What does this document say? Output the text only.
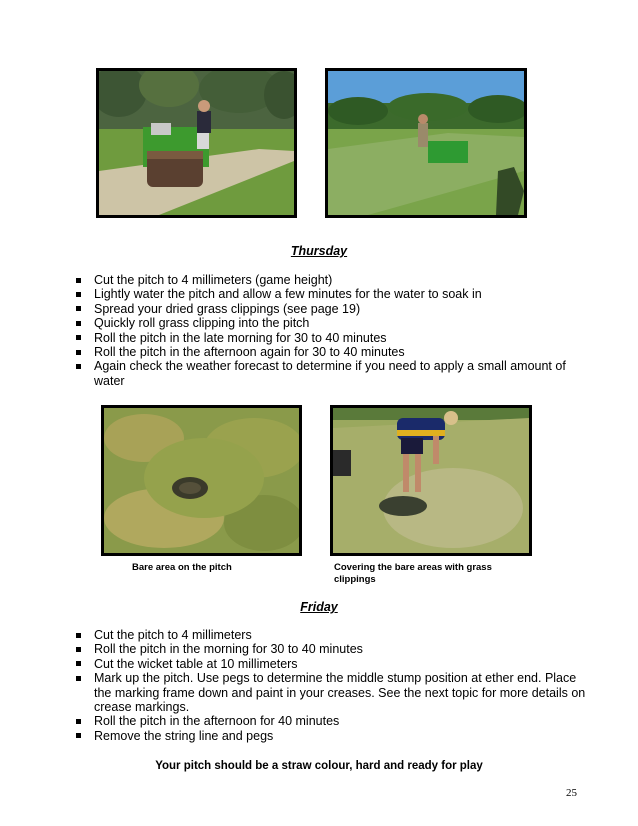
Thursday
Cut the pitch to 4 millimeters (game height)
Lightly water the pitch and allow a few minutes for the water to soak in
Spread your dried grass clippings (see page 19)
Quickly roll grass clipping into the pitch
Roll the pitch in the late morning for 30 to 40 minutes
Roll the pitch in the afternoon again for 30 to 40 minutes
Again check the weather forecast to determine if you need to apply a small amount of water
Bare area on the pitch	Covering the bare areas with grass clippings
Friday
Cut the pitch to 4 millimeters
Roll the pitch in the morning for 30 to 40 minutes
Cut the wicket table at 10 millimeters
Mark up the pitch. Use pegs to determine the middle stump position at ether end. Place the marking frame down and paint in your creases. See the next topic for more details on crease markings.
Roll the pitch in the afternoon for 40 minutes
Remove the string line and pegs
Your pitch should be a straw colour, hard and ready for play
25
